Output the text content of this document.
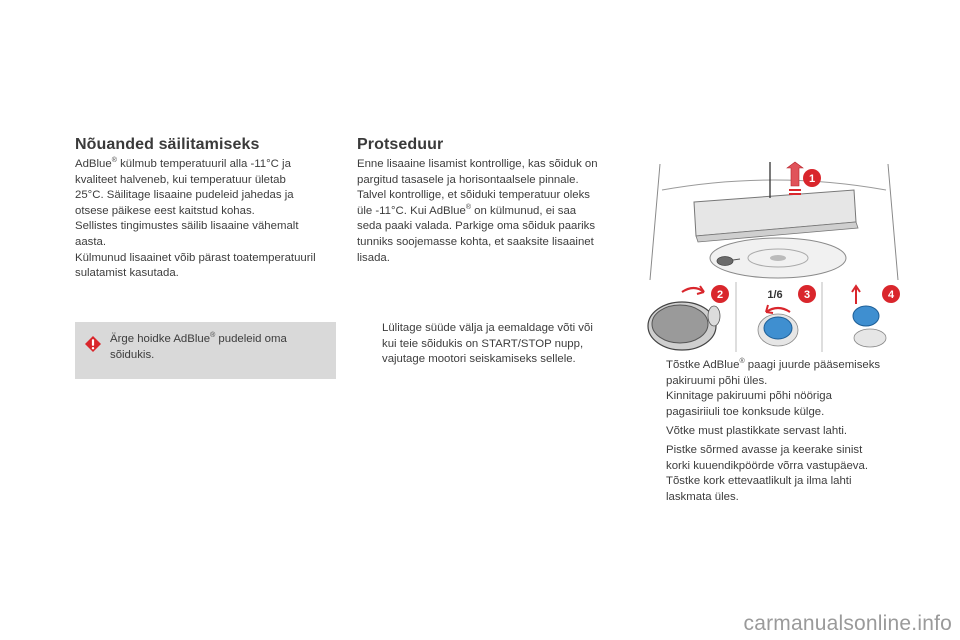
Nõuanded säilitamiseks
AdBlue® külmub temperatuuril alla -11°C ja
kvaliteet halveneb, kui temperatuur ületab
25°C. Säilitage lisaaine pudeleid jahedas ja
otsese päikese eest kaitstud kohas.
Sellistes tingimustes säilib lisaaine vähemalt
aasta.
Külmunud lisaainet võib pärast toatemperatuuril
sulatamist kasutada.
Ärge hoidke AdBlue® pudeleid oma
sõidukis.
Protseduur
Enne lisaaine lisamist kontrollige, kas sõiduk on
pargitud tasasele ja horisontaalsele pinnale.
Talvel kontrollige, et sõiduki temperatuur oleks
üle -11°C. Kui AdBlue® on külmunud, ei saa
seda paaki valada. Parkige oma sõiduk paariks
tunniks soojemasse kohta, et saaksite lisaainet
lisada.
Lülitage süüde välja ja eemaldage võti või
kui teie sõidukis on START/STOP nupp,
vajutage mootori seiskamiseks sellele.
1
2	1/6 3	4
Tõstke AdBlue® paagi juurde pääsemiseks
pakiruumi põhi üles.
Kinnitage pakiruumi põhi nööriga
pagasiriiuli toe konksude külge.
Võtke must plastikkate servast lahti.
Pistke sõrmed avasse ja keerake sinist
korki kuuendikpöörde võrra vastupäeva.
Tõstke kork ettevaatlikult ja ilma lahti
laskmata üles.
carmanualsonline.info
